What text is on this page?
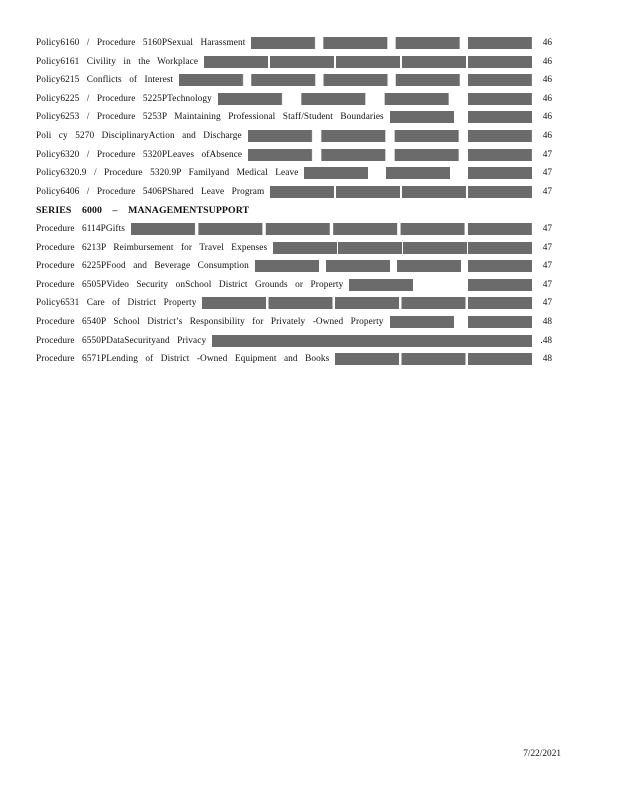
Policy6160 / Procedure 5160PSexual Harassment	46
Policy6161 Civility in the Workplace	46
Policy6215 Conflicts of Interest	46
Policy6225 / Procedure 5225PTechnology	46
Policy6253 / Procedure 5253P Maintaining Professional Staff/Student Boundaries	46
Poli cy 5270 DisciplinaryAction and Discharge	46
Policy6320 / Procedure 5320PLeaves ofAbsence	47
Policy6320.9 / Procedure 5320.9P Familyand Medical Leave	47
Policy6406 / Procedure 5406PShared Leave Program	47
SERIES 6000 – MANAGEMENTSUPPORT
Procedure 6114PGifts	47
Procedure 6213P Reimbursement for Travel Expenses	47
Procedure 6225PFood and Beverage Consumption	47
Procedure 6505PVideo Security onSchool District Grounds or Property	47
Policy6531 Care of District Property	47
Procedure 6540P School District’s Responsibility for Privately -Owned Property	48
Procedure 6550PDataSecurityand Privacy	.48
Procedure 6571PLending of District -Owned Equipment and Books	48
7/22/2021
